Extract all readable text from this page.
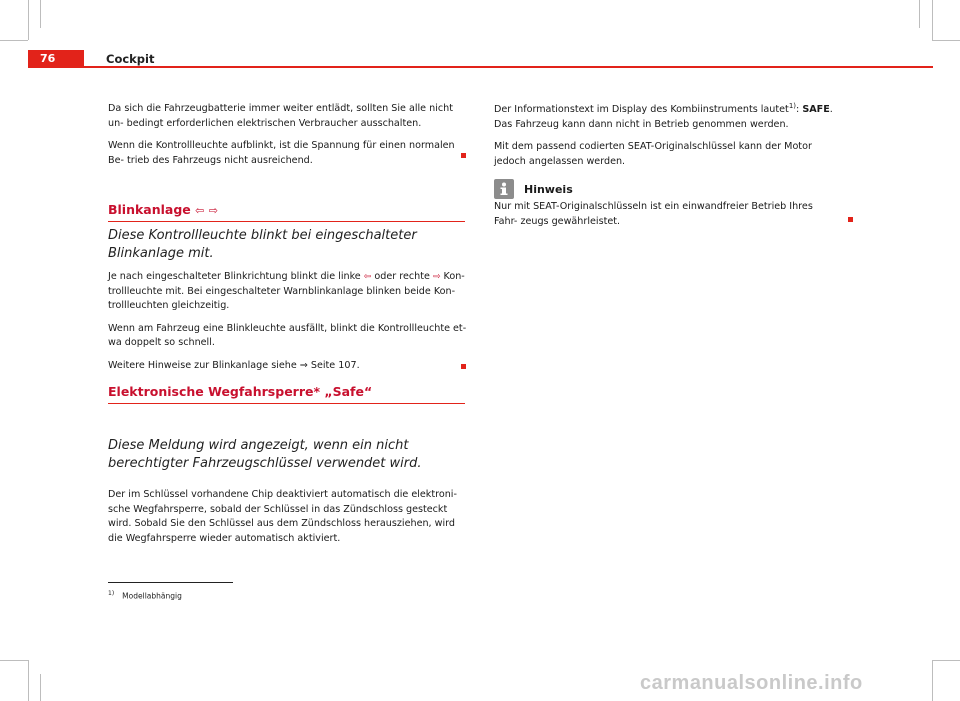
76	Cockpit

Da sich die Fahrzeugbatterie immer weiter entlädt, sollten Sie alle nicht un- bedingt erforderlichen elektrischen Verbraucher ausschalten.

Wenn die Kontrollleuchte aufblinkt, ist die Spannung für einen normalen Be- trieb des Fahrzeugs nicht ausreichend.

Blinkanlage ⇦ ⇨

Diese Kontrollleuchte blinkt bei eingeschalteter Blinkanlage mit.

Je nach eingeschalteter Blinkrichtung blinkt die linke ⇦ oder rechte ⇨ Kon- trollleuchte mit. Bei eingeschalteter Warnblinkanlage blinken beide Kon- trollleuchten gleichzeitig.

Wenn am Fahrzeug eine Blinkleuchte ausfällt, blinkt die Kontrollleuchte et- wa doppelt so schnell.

Weitere Hinweise zur Blinkanlage siehe ⇒ Seite 107.

Elektronische Wegfahrsperre* „Safe“

Diese Meldung wird angezeigt, wenn ein nicht berechtigter Fahrzeugschlüssel verwendet wird.

Der im Schlüssel vorhandene Chip deaktiviert automatisch die elektroni- sche Wegfahrsperre, sobald der Schlüssel in das Zündschloss gesteckt wird. Sobald Sie den Schlüssel aus dem Zündschloss herausziehen, wird die Wegfahrsperre wieder automatisch aktiviert.

Der Informationstext im Display des Kombiinstruments lautet$^{1)}$: SAFE. Das Fahrzeug kann dann nicht in Betrieb genommen werden.

Mit dem passend codierten SEAT-Originalschlüssel kann der Motor jedoch angelassen werden.

Hinweis

Nur mit SEAT-Originalschlüsseln ist ein einwandfreier Betrieb Ihres Fahr- zeugs gewährleistet.

$^{1)}$ Modellabhängig
carmanualsonline.info
